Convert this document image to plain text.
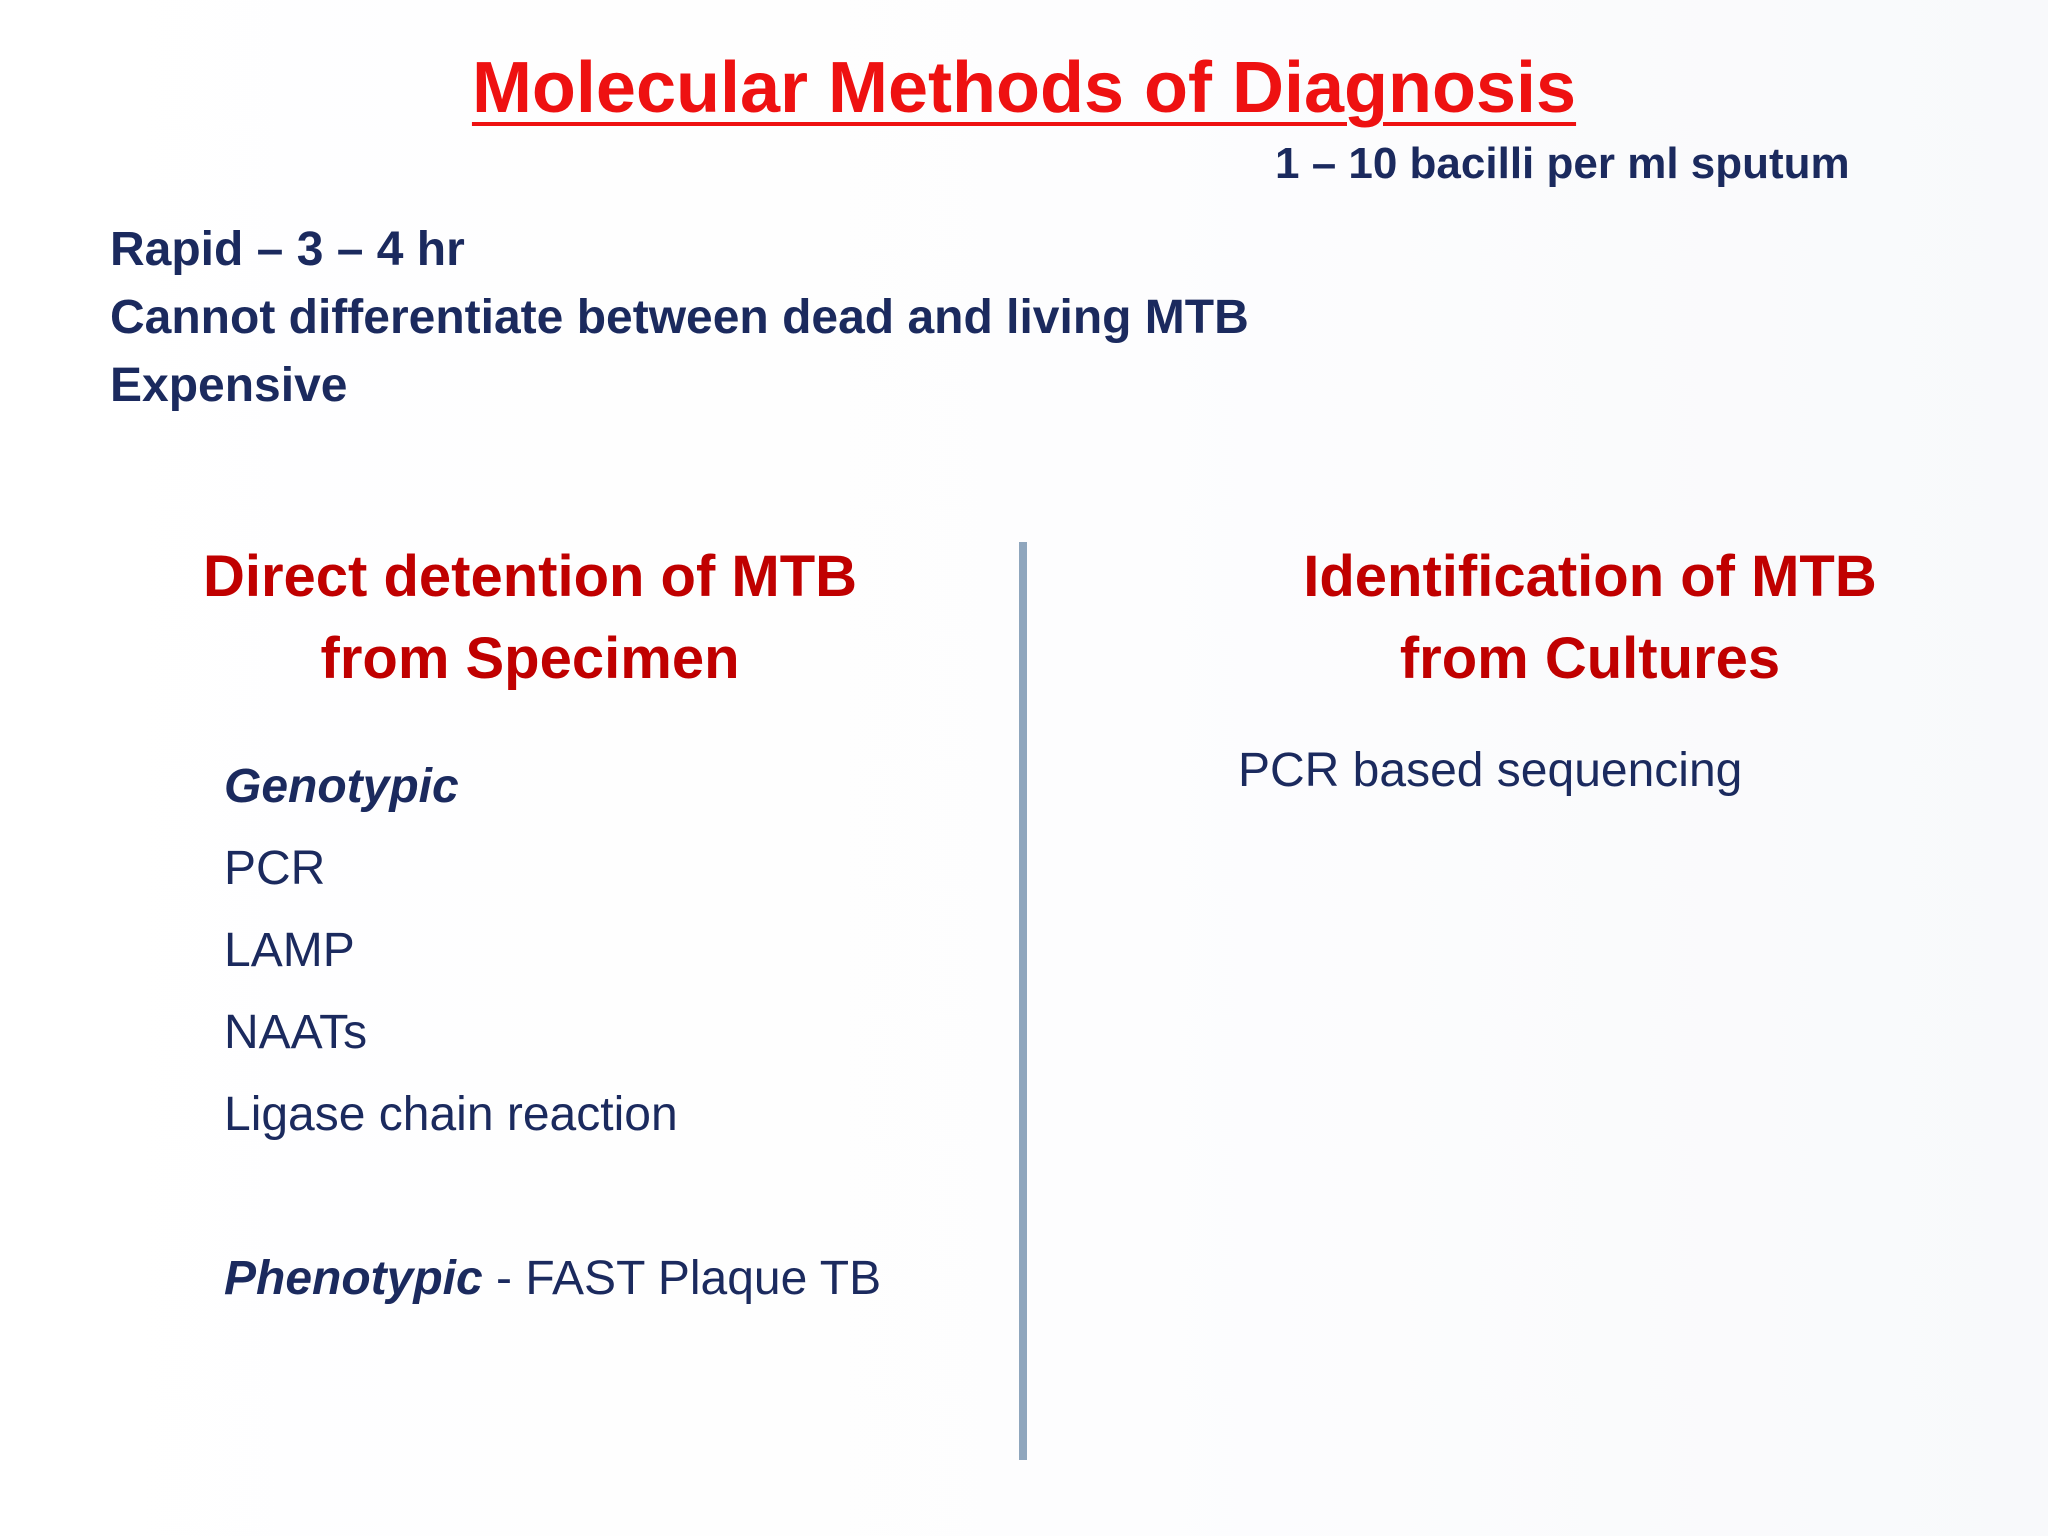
Molecular Methods of Diagnosis
1 – 10 bacilli per ml sputum
Rapid – 3 – 4 hr
Cannot differentiate between dead and living MTB
Expensive
Direct detention of MTB
from Specimen
Genotypic
PCR
LAMP
NAATs
Ligase chain reaction
Phenotypic - FAST Plaque TB
Identification of MTB
from Cultures
PCR based sequencing
